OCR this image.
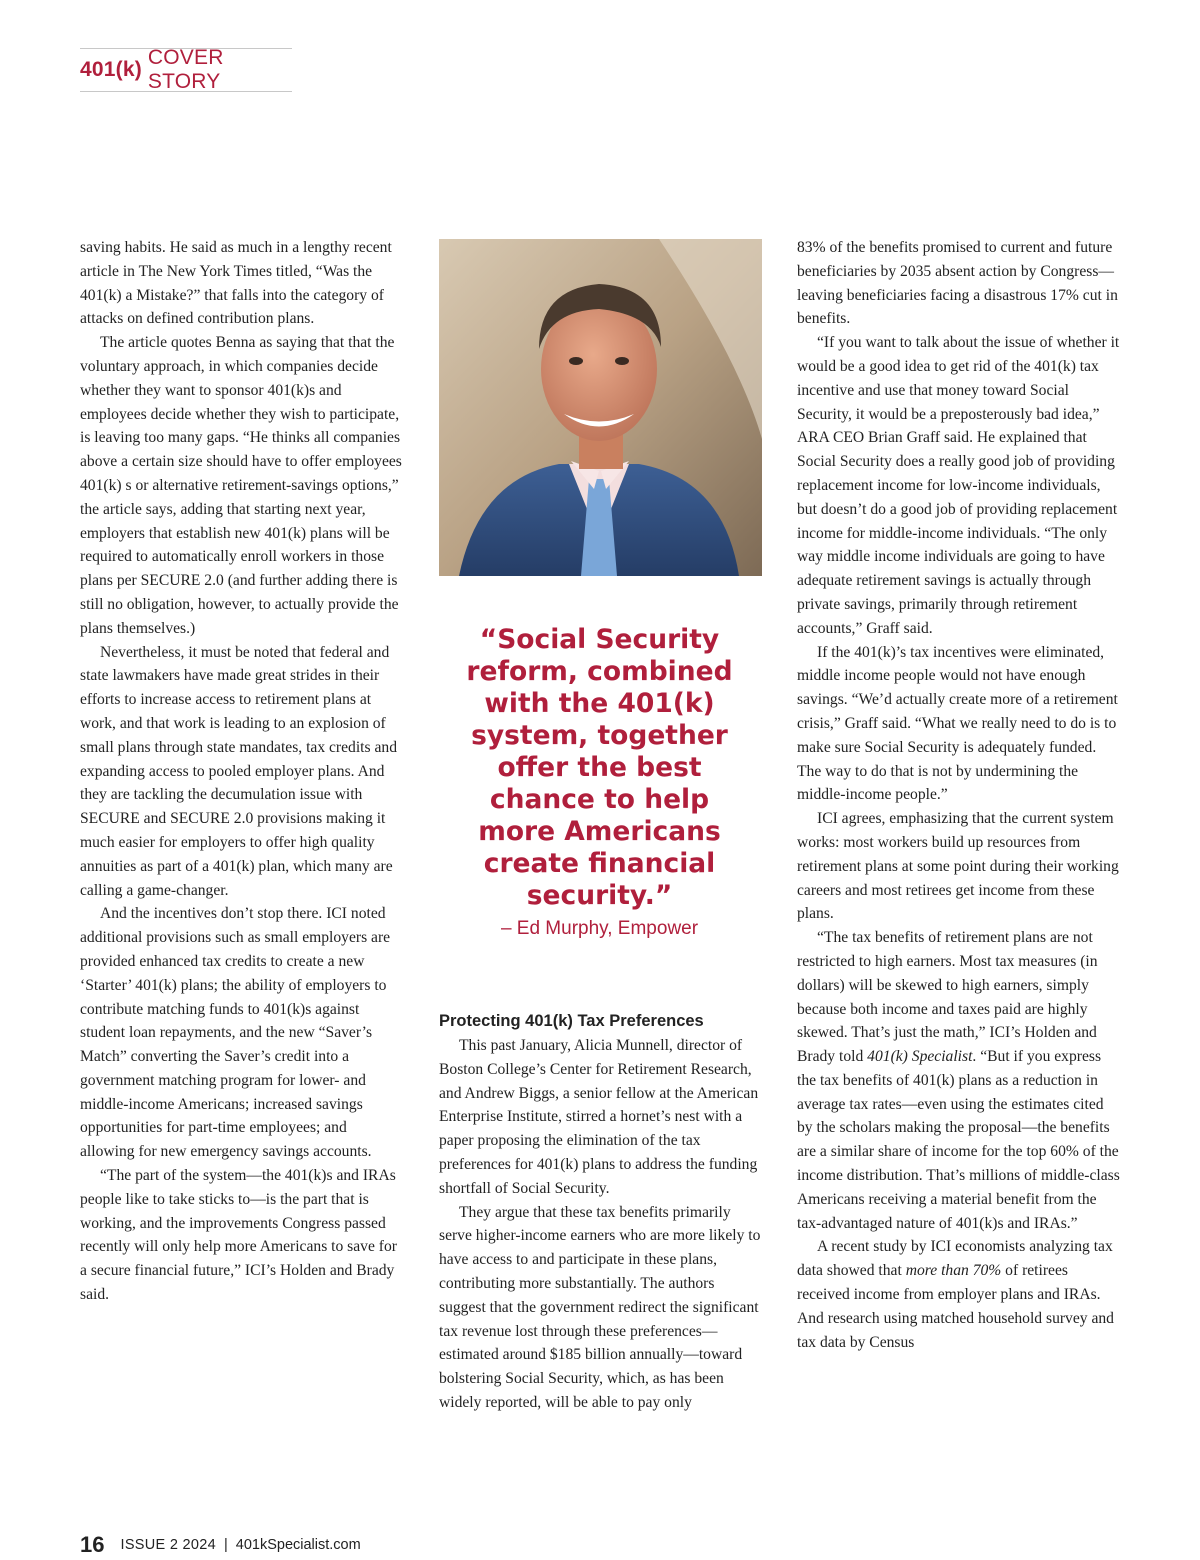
401(k)
COVER STORY

saving habits. He said as much in a lengthy recent article in The New York Times titled, “Was the 401(k) a Mistake?” that falls into the category of attacks on defined contribution plans.

The article quotes Benna as saying that that the voluntary approach, in which companies decide whether they want to sponsor 401(k)s and employees decide whether they wish to participate, is leaving too many gaps. “He thinks all companies above a certain size should have to offer employees 401(k) s or alternative retirement-savings options,” the article says, adding that starting next year, employers that establish new 401(k) plans will be required to automatically enroll workers in those plans per SECURE 2.0 (and further adding there is still no obligation, however, to actually provide the plans themselves.)

Nevertheless, it must be noted that federal and state lawmakers have made great strides in their efforts to increase access to retirement plans at work, and that work is leading to an explosion of small plans through state mandates, tax credits and expanding access to pooled employer plans. And they are tackling the decumulation issue with SECURE and SECURE 2.0 provisions making it much easier for employers to offer high quality annuities as part of a 401(k) plan, which many are calling a game-changer.

And the incentives don’t stop there. ICI noted additional provisions such as small employers are provided enhanced tax credits to create a new ‘Starter’ 401(k) plans; the ability of employers to contribute matching funds to 401(k)s against student loan repayments, and the new “Saver’s Match” converting the Saver’s credit into a government matching program for lower- and middle-income Americans; increased savings opportunities for part-time employees; and allowing for new emergency savings accounts.

“The part of the system—the 401(k)s and IRAs people like to take sticks to—is the part that is working, and the improvements Congress passed recently will only help more Americans to save for a secure financial future,” ICI’s Holden and Brady said.

“Social Security reform, combined with the 401(k) system, together offer the best chance to help more Americans create financial security.”
– Ed Murphy, Empower
Protecting 401(k) Tax Preferences

This past January, Alicia Munnell, director of Boston College’s Center for Retirement Research, and Andrew Biggs, a senior fellow at the American Enterprise Institute, stirred a hornet’s nest with a paper proposing the elimination of the tax preferences for 401(k) plans to address the funding shortfall of Social Security.

They argue that these tax benefits primarily serve higher-income earners who are more likely to have access to and participate in these plans, contributing more substantially. The authors suggest that the government redirect the significant tax revenue lost through these preferences—estimated around $185 billion annually—toward bolstering Social Security, which, as has been widely reported, will be able to pay only

83% of the benefits promised to current and future beneficiaries by 2035 absent action by Congress—leaving beneficiaries facing a disastrous 17% cut in benefits.

“If you want to talk about the issue of whether it would be a good idea to get rid of the 401(k) tax incentive and use that money toward Social Security, it would be a preposterously bad idea,” ARA CEO Brian Graff said. He explained that Social Security does a really good job of providing replacement income for low-income individuals, but doesn’t do a good job of providing replacement income for middle-income individuals. “The only way middle income individuals are going to have adequate retirement savings is actually through private savings, primarily through retirement accounts,” Graff said.

If the 401(k)’s tax incentives were eliminated, middle income people would not have enough savings. “We’d actually create more of a retirement crisis,” Graff said. “What we really need to do is to make sure Social Security is adequately funded. The way to do that is not by undermining the middle-income people.”

ICI agrees, emphasizing that the current system works: most workers build up resources from retirement plans at some point during their working careers and most retirees get income from these plans.

“The tax benefits of retirement plans are not restricted to high earners. Most tax measures (in dollars) will be skewed to high earners, simply because both income and taxes paid are highly skewed. That’s just the math,” ICI’s Holden and Brady told 401(k) Specialist. “But if you express the tax benefits of 401(k) plans as a reduction in average tax rates—even using the estimates cited by the scholars making the proposal—the benefits are a similar share of income for the top 60% of the income distribution. That’s millions of middle-class Americans receiving a material benefit from the tax-advantaged nature of 401(k)s and IRAs.”

A recent study by ICI economists analyzing tax data showed that more than 70% of retirees received income from employer plans and IRAs. And research using matched household survey and tax data by Census

16 ISSUE 2 2024 | 401kSpecialist.com
